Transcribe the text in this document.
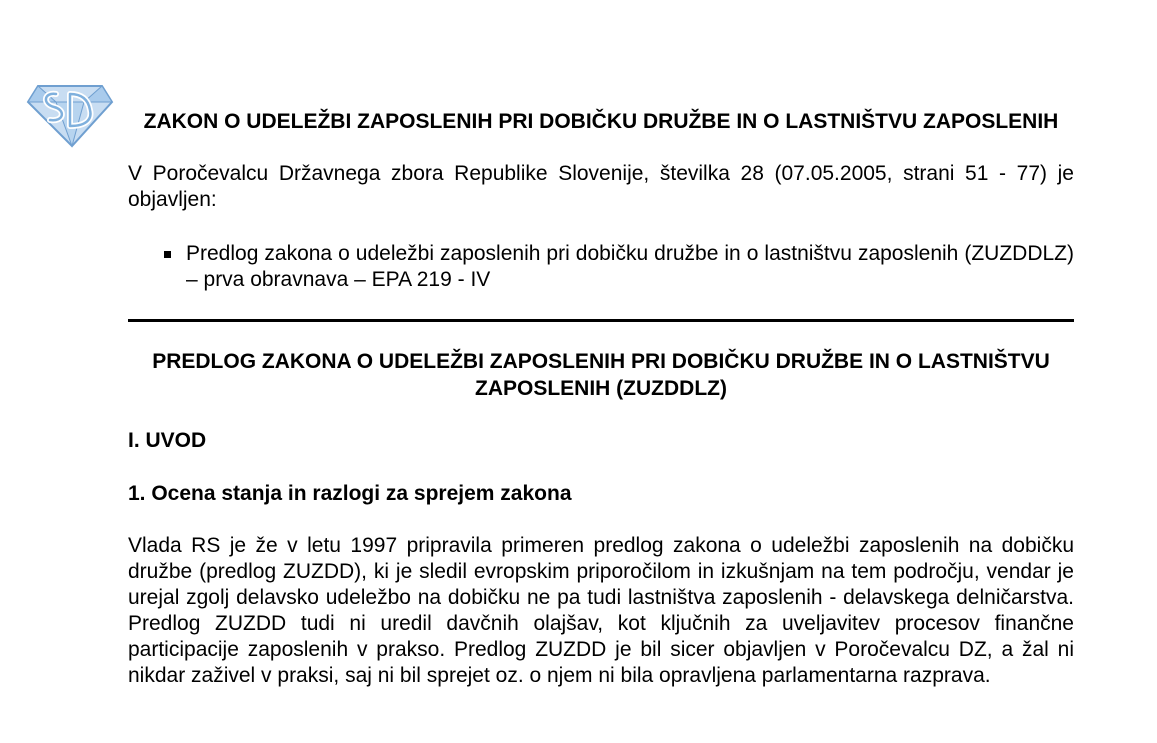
ZAKON O UDELEŽBI ZAPOSLENIH PRI DOBIČKU DRUŽBE IN O LASTNIŠTVU ZAPOSLENIH

V Poročevalcu Državnega zbora Republike Slovenije, številka 28 (07.05.2005, strani 51 - 77) je objavljen:

Predlog zakona o udeležbi zaposlenih pri dobičku družbe in o lastništvu zaposlenih (ZUZDDLZ) – prva obravnava – EPA 219 - IV

PREDLOG ZAKONA O UDELEŽBI ZAPOSLENIH PRI DOBIČKU DRUŽBE IN O LASTNIŠTVU ZAPOSLENIH (ZUZDDLZ)

I. UVOD

1. Ocena stanja in razlogi za sprejem zakona

Vlada RS je že v letu 1997 pripravila primeren predlog zakona o udeležbi zaposlenih na dobičku družbe (predlog ZUZDD), ki je sledil evropskim priporočilom in izkušnjam na tem področju, vendar je urejal zgolj delavsko udeležbo na dobičku ne pa tudi lastništva zaposlenih - delavskega delničarstva. Predlog ZUZDD tudi ni uredil davčnih olajšav, kot ključnih za uveljavitev procesov finančne participacije zaposlenih v prakso. Predlog ZUZDD je bil sicer objavljen v Poročevalcu DZ, a žal ni nikdar zaživel v praksi, saj ni bil sprejet oz. o njem ni bila opravljena parlamentarna razprava.
